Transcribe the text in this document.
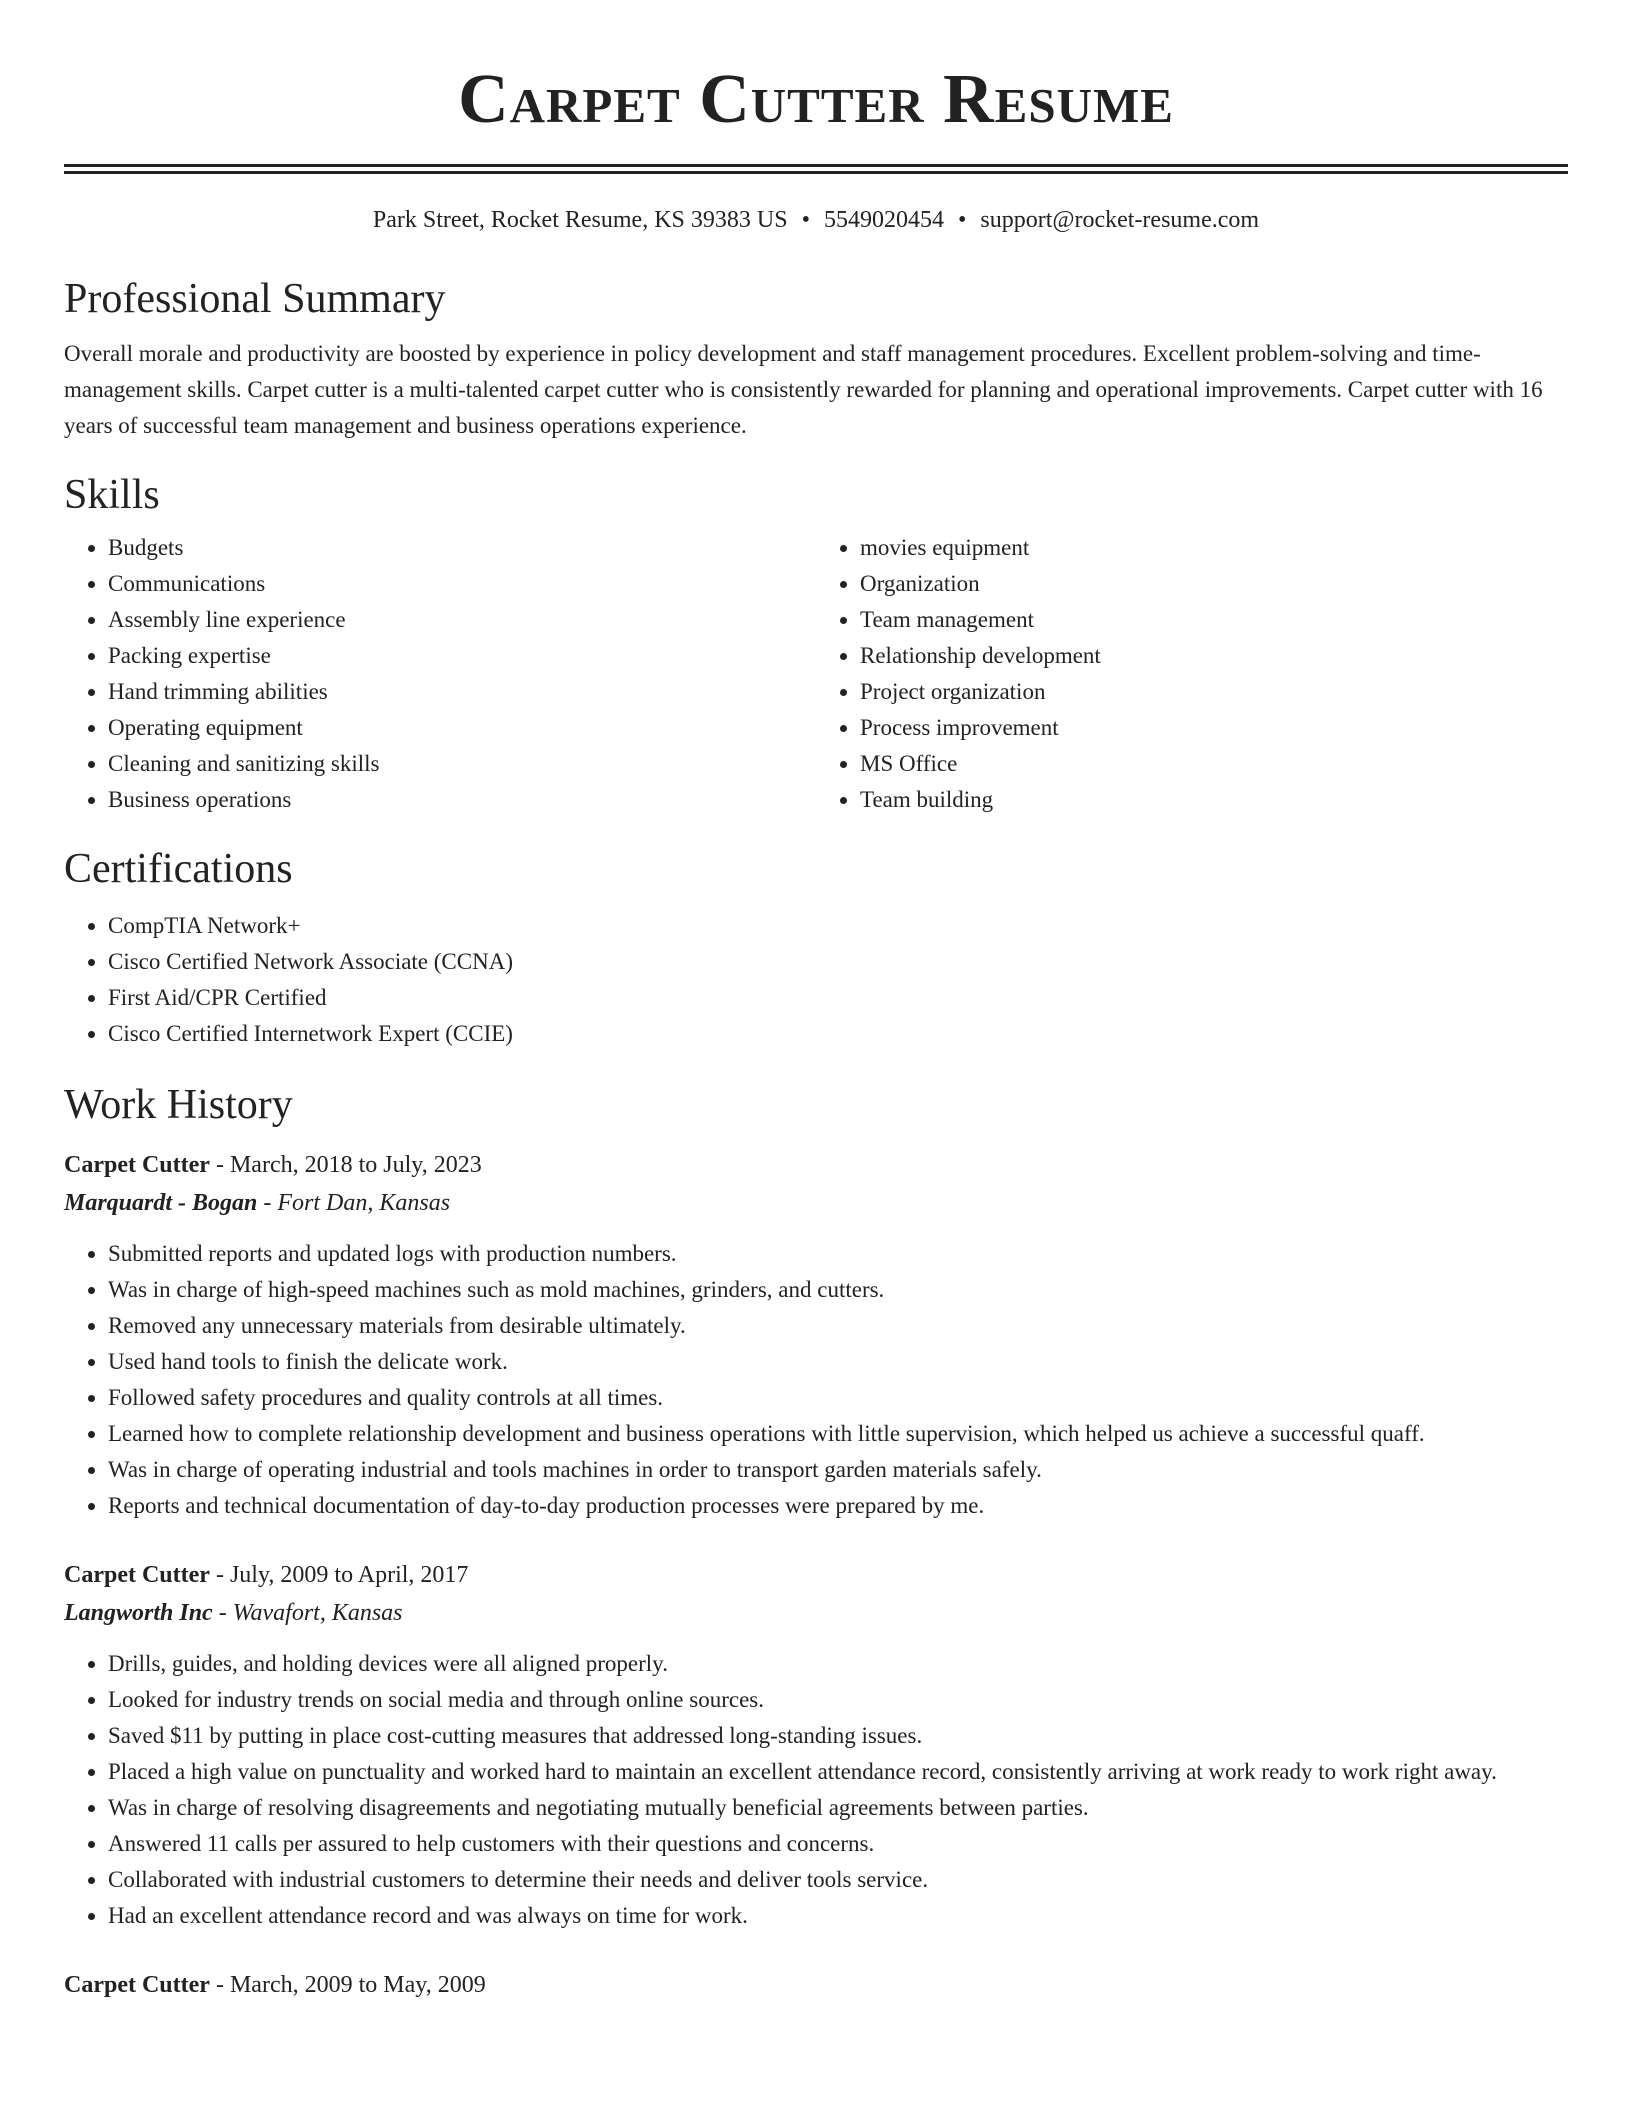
Carpet Cutter Resume
Park Street, Rocket Resume, KS 39383 US • 5549020454 • support@rocket-resume.com
Professional Summary
Overall morale and productivity are boosted by experience in policy development and staff management procedures. Excellent problem-solving and time-management skills. Carpet cutter is a multi-talented carpet cutter who is consistently rewarded for planning and operational improvements. Carpet cutter with 16 years of successful team management and business operations experience.
Skills
• Budgets
• Communications
• Assembly line experience
• Packing expertise
• Hand trimming abilities
• Operating equipment
• Cleaning and sanitizing skills
• Business operations
• movies equipment
• Organization
• Team management
• Relationship development
• Project organization
• Process improvement
• MS Office
• Team building
Certifications
• CompTIA Network+
• Cisco Certified Network Associate (CCNA)
• First Aid/CPR Certified
• Cisco Certified Internetwork Expert (CCIE)
Work History
Carpet Cutter - March, 2018 to July, 2023
Marquardt - Bogan - Fort Dan, Kansas
• Submitted reports and updated logs with production numbers.
• Was in charge of high-speed machines such as mold machines, grinders, and cutters.
• Removed any unnecessary materials from desirable ultimately.
• Used hand tools to finish the delicate work.
• Followed safety procedures and quality controls at all times.
• Learned how to complete relationship development and business operations with little supervision, which helped us achieve a successful quaff.
• Was in charge of operating industrial and tools machines in order to transport garden materials safely.
• Reports and technical documentation of day-to-day production processes were prepared by me.
Carpet Cutter - July, 2009 to April, 2017
Langworth Inc - Wavafort, Kansas
• Drills, guides, and holding devices were all aligned properly.
• Looked for industry trends on social media and through online sources.
• Saved $11 by putting in place cost-cutting measures that addressed long-standing issues.
• Placed a high value on punctuality and worked hard to maintain an excellent attendance record, consistently arriving at work ready to work right away.
• Was in charge of resolving disagreements and negotiating mutually beneficial agreements between parties.
• Answered 11 calls per assured to help customers with their questions and concerns.
• Collaborated with industrial customers to determine their needs and deliver tools service.
• Had an excellent attendance record and was always on time for work.
Carpet Cutter - March, 2009 to May, 2009
